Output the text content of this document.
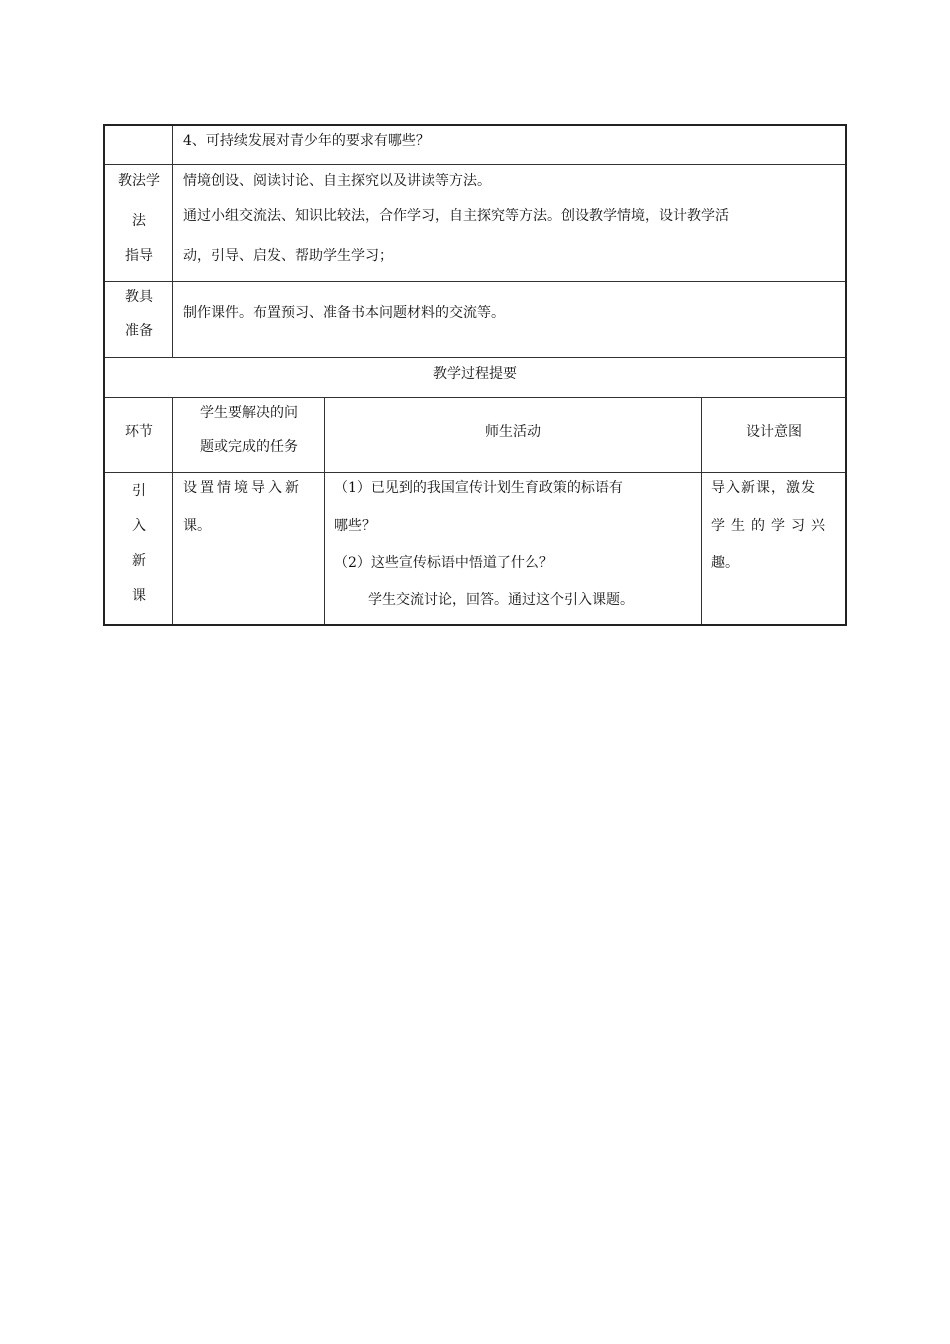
4、可持续发展对青少年的要求有哪些？
教法学
法
指导
情境创设、阅读讨论、自主探究以及讲读等方法。
通过小组交流法、知识比较法，合作学习，自主探究等方法。创设教学情境，设计教学活
动，引导、启发、帮助学生学习；
教具
准备
制作课件。布置预习、准备书本问题材料的交流等。
教学过程提要
环节
学生要解决的问
题或完成的任务
师生活动	设计意图
引
入
新
课
设置情境导入新
课。
（1）已见到的我国宣传计划生育政策的标语有
哪些？
（2）这些宣传标语中悟道了什么？
学生交流讨论，回答。通过这个引入课题。
导入新课，激发
学生的学习兴
趣。
